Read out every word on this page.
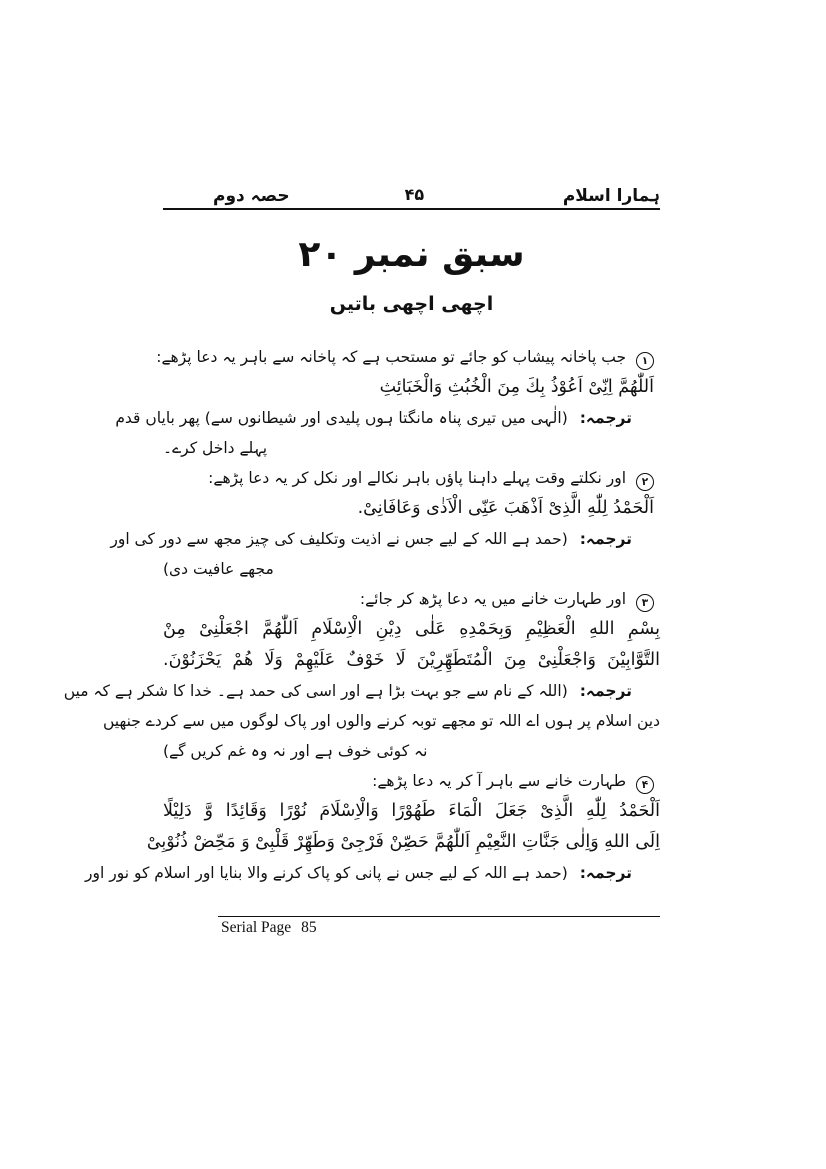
ہمارا اسلام
۴۵
حصہ دوم
سبق نمبر ۲۰
اچھی اچھی باتیں
۱ جب پاخانہ پیشاب کو جائے تو مستحب ہے کہ پاخانہ سے باہر یہ دعا پڑھے:
اَللّٰهُمَّ اِنِّیْ اَعُوْذُ بِكَ مِنَ الْخُبُثِ وَالْخَبَائِثِ
ترجمہ: (الٰہی میں تیری پناہ مانگتا ہوں پلیدی اور شیطانوں سے) پھر بایاں قدم
پہلے داخل کرے۔
۲ اور نکلتے وقت پہلے داہنا پاؤں باہر نکالے اور نکل کر یہ دعا پڑھے:
اَلْحَمْدُ لِلّٰهِ الَّذِیْ اَذْهَبَ عَنِّی الْاَذٰی وَعَافَانِیْ.
ترجمہ: (حمد ہے اللہ کے لیے جس نے اذیت وتکلیف کی چیز مجھ سے دور کی اور
مجھے عافیت دی)
۳ اور طہارت خانے میں یہ دعا پڑھ کر جائے:
بِسْمِ اللهِ الْعَظِيْمِ وَبِحَمْدِهِ عَلٰی دِيْنِ الْاِسْلَامِ اَللّٰهُمَّ اجْعَلْنِیْ مِنْ
التَّوَّابِيْنَ وَاجْعَلْنِیْ مِنَ الْمُتَطَهِّرِيْنَ لَا خَوْفٌ عَلَيْهِمْ وَلَا هُمْ يَحْزَنُوْنَ.
ترجمہ: (اللہ کے نام سے جو بہت بڑا ہے اور اسی کی حمد ہے۔ خدا کا شکر ہے کہ میں
دین اسلام پر ہوں اے اللہ تو مجھے توبہ کرنے والوں اور پاک لوگوں میں سے کردے جنھیں
نہ کوئی خوف ہے اور نہ وہ غم کریں گے)
۴ طہارت خانے سے باہر آ کر یہ دعا پڑھے:
اَلْحَمْدُ لِلّٰهِ الَّذِیْ جَعَلَ الْمَاءَ طَهُوْرًا وَالْاِسْلَامَ نُوْرًا وَقَائِدًا وَّ دَلِيْلًا
اِلَی اللهِ وَاِلٰی جَنَّاتِ النَّعِيْمِ اَللّٰهُمَّ حَصِّنْ فَرْجِیْ وَطَهِّرْ قَلْبِیْ وَ مَحِّضْ ذُنُوْبِیْ
ترجمہ: (حمد ہے اللہ کے لیے جس نے پانی کو پاک کرنے والا بنایا اور اسلام کو نور اور
Serial Page 85
